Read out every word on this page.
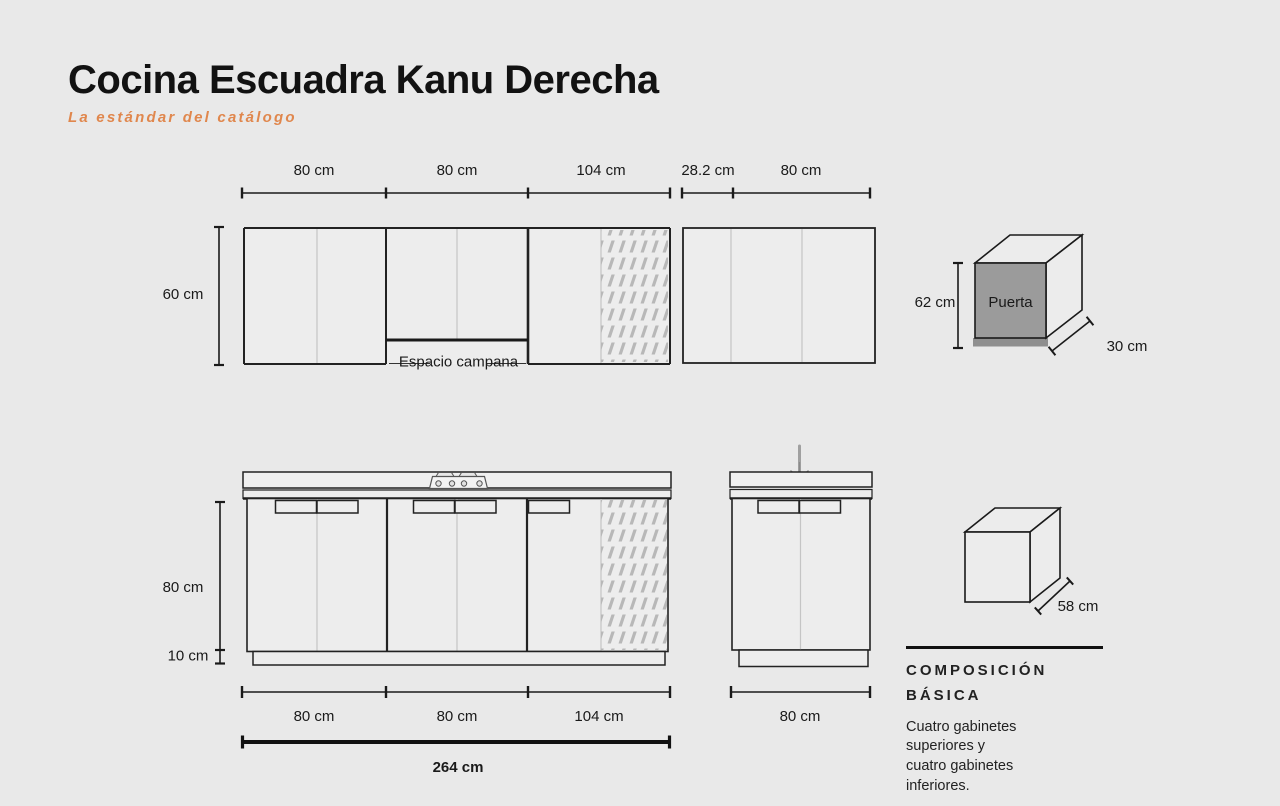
Cocina Escuadra Kanu Derecha
La estándar del catálogo
80 cm	80 cm	104 cm	28.2 cm	80 cm
60 cm
Espacio campana
Puerta
62 cm
30 cm
80 cm
10 cm
80 cm	80 cm	104 cm	80 cm
264 cm
58 cm
COMPOSICIÓN
BÁSICA
Cuatro gabinetes
superiores y
cuatro gabinetes
inferiores.
